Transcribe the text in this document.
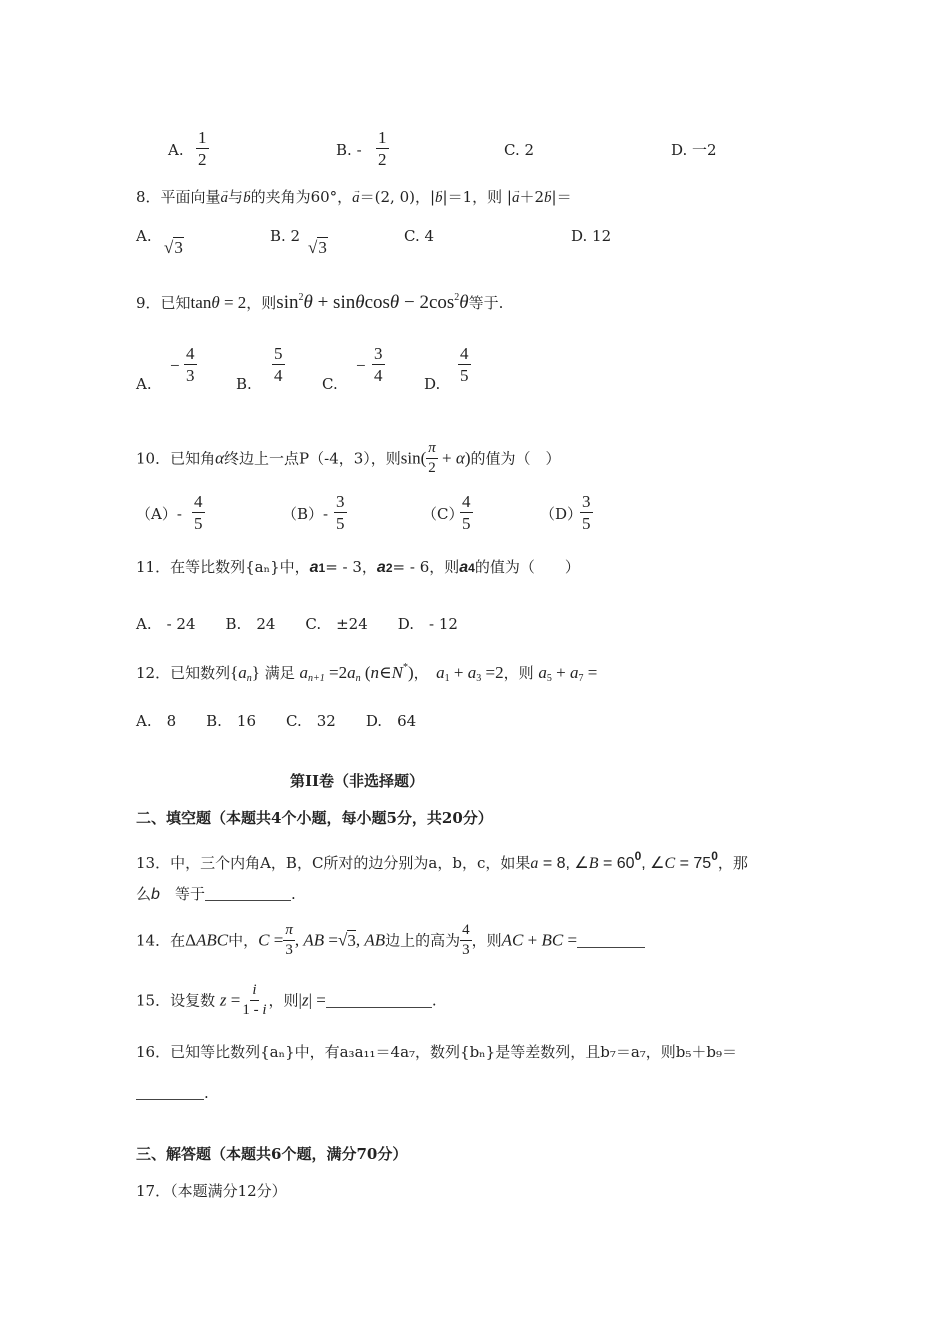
A. $\frac{1}{2}$	B. - $\frac{1}{2}$	C. 2	D. 一2
8．平面向量→ a与→ b的夹角为60°，→ a＝(2, 0)，|→ b|＝1，则 |→ a＋2→ b|＝
A.
√3
B. 2
√3
C. 4	D. 12
9．已知tanθ = 2，则$\sin^2\theta + \sin\theta\cos\theta - 2\cos^2\theta$等于.
A.
− $\frac{4}{3}$	B. $\frac{5}{4}$	C.
− $\frac{3}{4}$	D. $\frac{4}{5}$
10．已知角α终边上一点P（-4，3），则$\sin( \frac{\pi}{2} + \alpha)$的值为（　）
$(A)- \frac{4}{5}$	$(B)- \frac{3}{5}$	（C）
$\frac{4}{5}$	（D）
$\frac{3}{5}$
11．在等比数列{aₙ}中，a1= - 3，a2= - 6，则a4的值为（　　）
A.　- 24　　B.　24　　C.　±24　　D.　- 12
12．已知数列$\{a_n\}$ 满足 $a_{n+1} =2a_n$ (n∈N*)，　$a_1 + a_3 =2$，则 $a_5 + a_7$ =
A.　8　　B.　16　　C.　32　　D.　64
第II卷（非选择题）
二、填空题（本题共4个小题，每小题5分，共20分）
13．中，三个内角A，B，C所对的边分别为a，b，c，如果a = 8, ∠B = $60^0$, ∠C = $75^0$，那
么b　 等于	.
14．在ΔABC中，$C = \frac{\pi}{3}$ , AB =√3, AB边上的高为 $\frac{4}{3}$ ，则AC + BC =
15．设复数 $z = \frac{i}{1 - i}$ ，则|z| =	.
16．已知等比数列{aₙ}中，有a₃a₁₁＝4a₇，数列{bₙ}是等差数列，且b₇＝a₇，则b₅＋b₉＝
.
三、解答题（本题共6个题，满分70分）
17．（本题满分12分）
